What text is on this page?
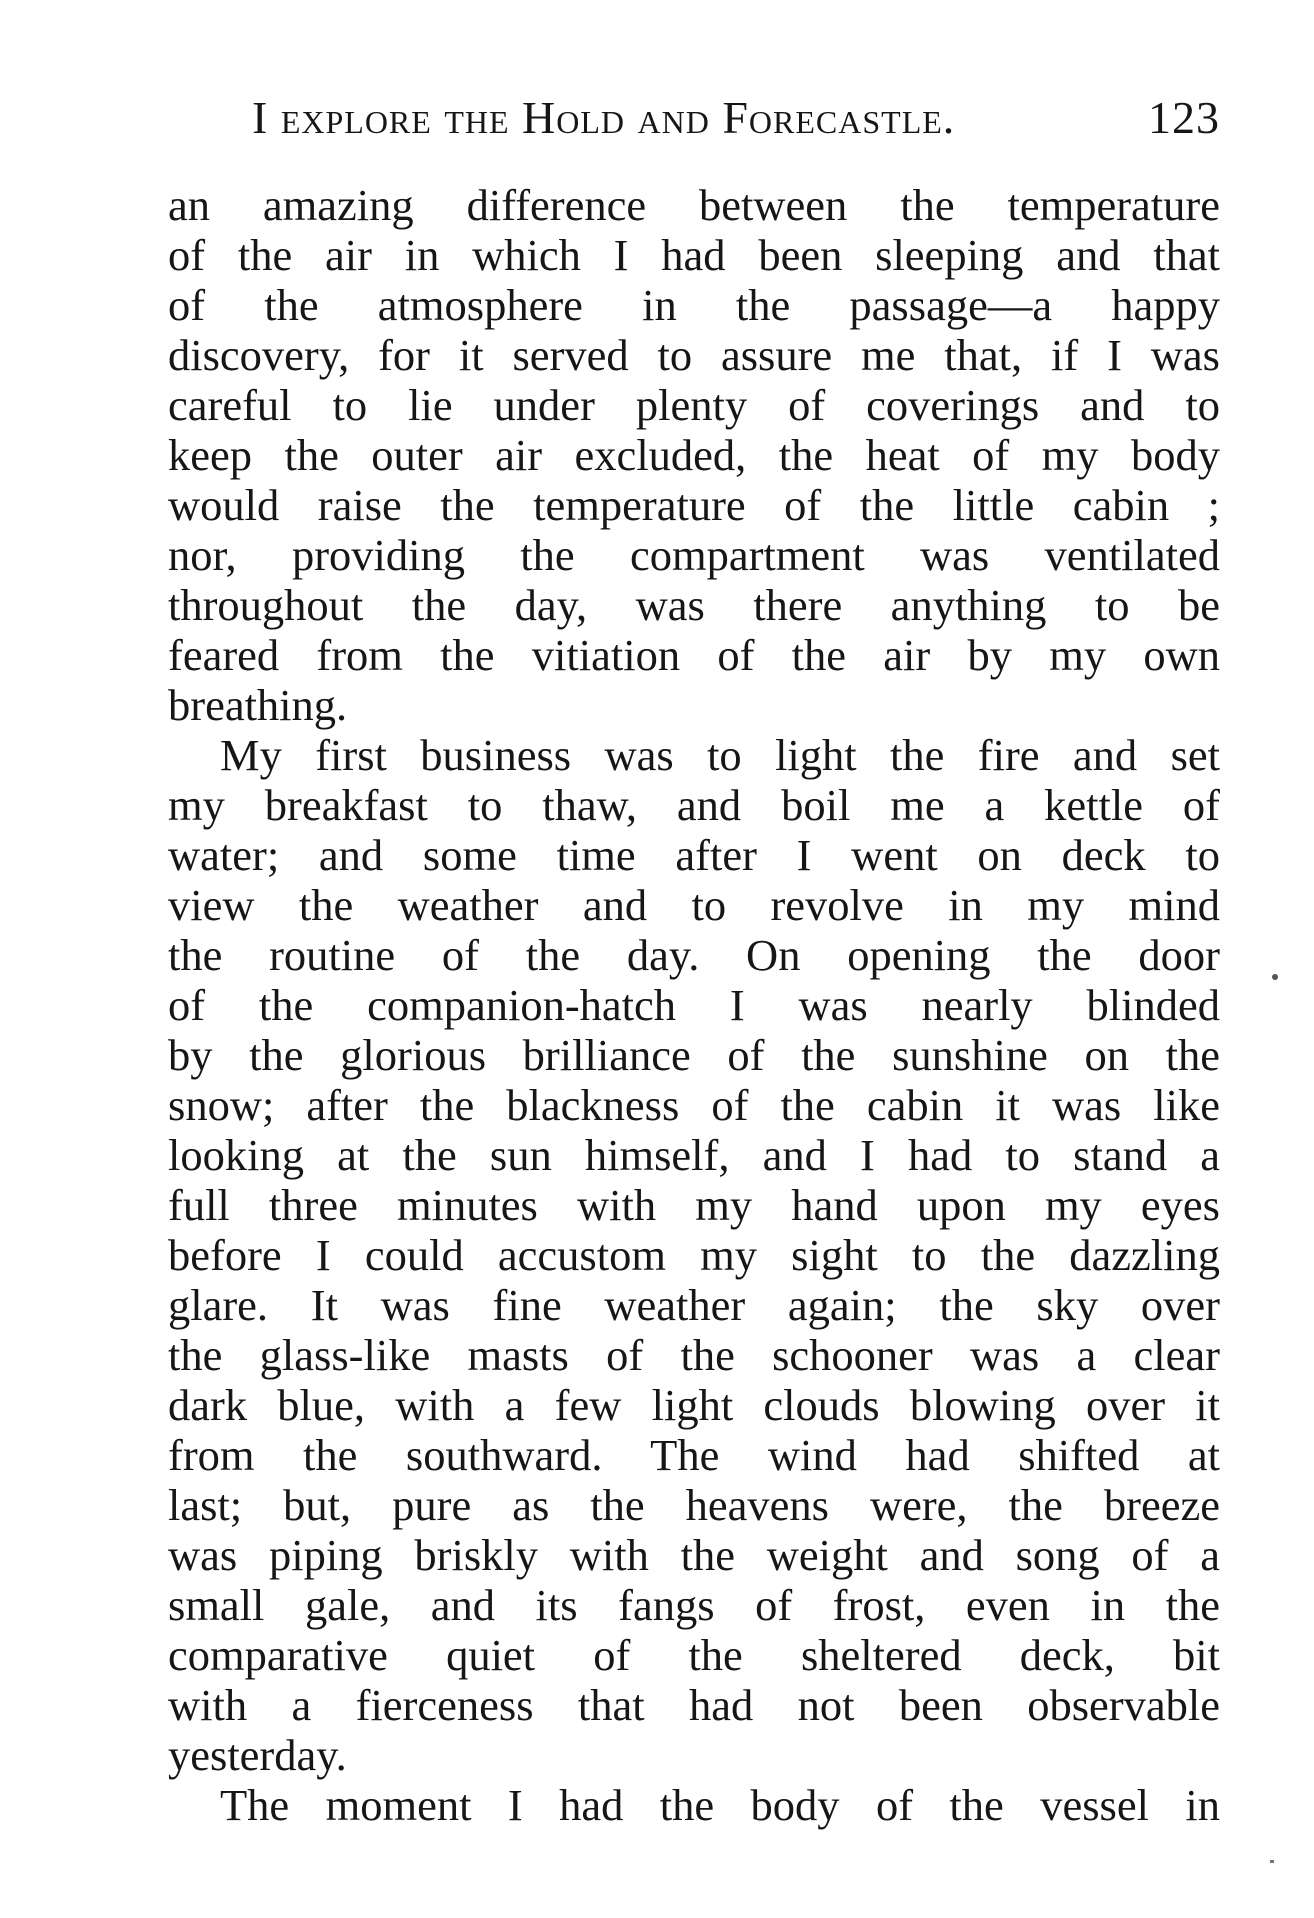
I explore the Hold and Forecastle.	123
an amazing difference between the temperature
of the air in which I had been sleeping and that
of the atmosphere in the passage—a happy
discovery, for it served to assure me that, if I was
careful to lie under plenty of coverings and to
keep the outer air excluded, the heat of my body
would raise the temperature of the little cabin ;
nor, providing the compartment was ventilated
throughout the day, was there anything to be
feared from the vitiation of the air by my own
breathing.
My first business was to light the fire and set
my breakfast to thaw, and boil me a kettle of
water; and some time after I went on deck to
view the weather and to revolve in my mind
the routine of the day. On opening the door
of the companion-hatch I was nearly blinded
by the glorious brilliance of the sunshine on the
snow; after the blackness of the cabin it was like
looking at the sun himself, and I had to stand a
full three minutes with my hand upon my eyes
before I could accustom my sight to the dazzling
glare. It was fine weather again; the sky over
the glass-like masts of the schooner was a clear
dark blue, with a few light clouds blowing over it
from the southward. The wind had shifted at
last; but, pure as the heavens were, the breeze
was piping briskly with the weight and song of a
small gale, and its fangs of frost, even in the
comparative quiet of the sheltered deck, bit
with a fierceness that had not been observable
yesterday.
The moment I had the body of the vessel in
